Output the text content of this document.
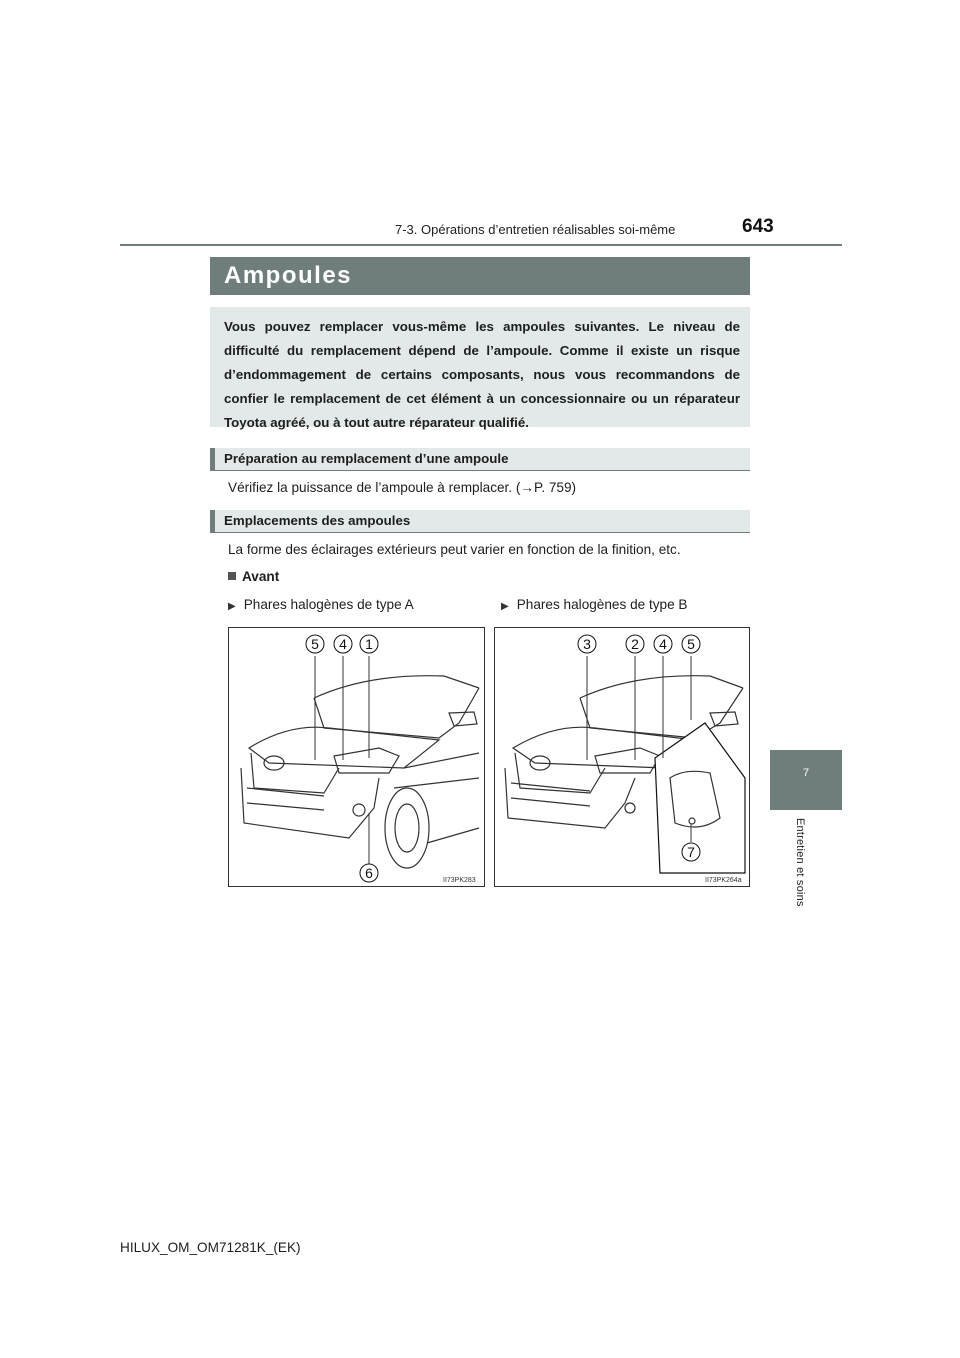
7-3. Opérations d’entretien réalisables soi-même	643
7
Entretien et soins
Ampoules
Vous pouvez remplacer vous-même les ampoules suivantes. Le niveau de difficulté du remplacement dépend de l’ampoule. Comme il existe un risque d’endommagement de certains composants, nous vous recommandons de confier le remplacement de cet élément à un concessionnaire ou un réparateur Toyota agréé, ou à tout autre réparateur qualifié.
Préparation au remplacement d’une ampoule
Vérifiez la puissance de l’ampoule à remplacer. (→P. 759)
Emplacements des ampoules
La forme des éclairages extérieurs peut varier en fonction de la finition, etc.
Avant
▶ Phares halogènes de type A	▶ Phares halogènes de type B
5 4 1
6	II73PK283
3	2 4 5
7
II73PK264a
HILUX_OM_OM71281K_(EK)
